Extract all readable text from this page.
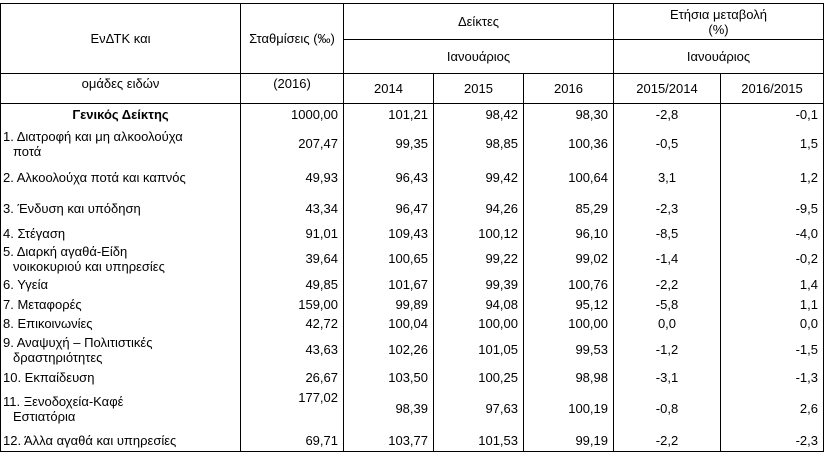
ΕνΔΤΚ και	Σταθμίσεις (‰)	Δείκτες			Ετήσια μεταβολή
(%)	

		Ιανουάριος			Ιανουάριος	
ομάδες ειδών	(2016)	2014	2015	2016	2015/2014	2016/2015
Γενικός Δείκτης	1000,00	101,21	98,42	98,30	-2,8	-0,1

1. Διατροφή και μη αλκοολούχα
ποτά	207,47	99,35	98,85	100,36	-0,5	1,5
2. Αλκοολούχα ποτά και καπνός	49,93	96,43	99,42	100,64	3,1	1,2
3. Ένδυση και υπόδηση	43,34	96,47	94,26	85,29	-2,3	-9,5
4. Στέγαση	91,01	109,43	100,12	96,10	-8,5	-4,0

5. Διαρκή αγαθά-Είδη
νοικοκυριού και υπηρεσίες	39,64	100,65	99,22	99,02	-1,4	-0,2
6. Υγεία	49,85	101,67	99,39	100,76	-2,2	1,4
7. Μεταφορές	159,00	99,89	94,08	95,12	-5,8	1,1
8. Επικοινωνίες	42,72	100,04	100,00	100,00	0,0	0,0

9. Αναψυχή – Πολιτιστικές
δραστηριότητες	43,63	102,26	101,05	99,53	-1,2	-1,5
10. Εκπαίδευση	26,67	103,50	100,25	98,98	-3,1	-1,3

11. Ξενοδοχεία-Καφέ
Εστιατόρια	177,02	98,39	97,63	100,19	-0,8	2,6
12. Άλλα αγαθά και υπηρεσίες	69,71	103,77	101,53	99,19	-2,2	-2,3
